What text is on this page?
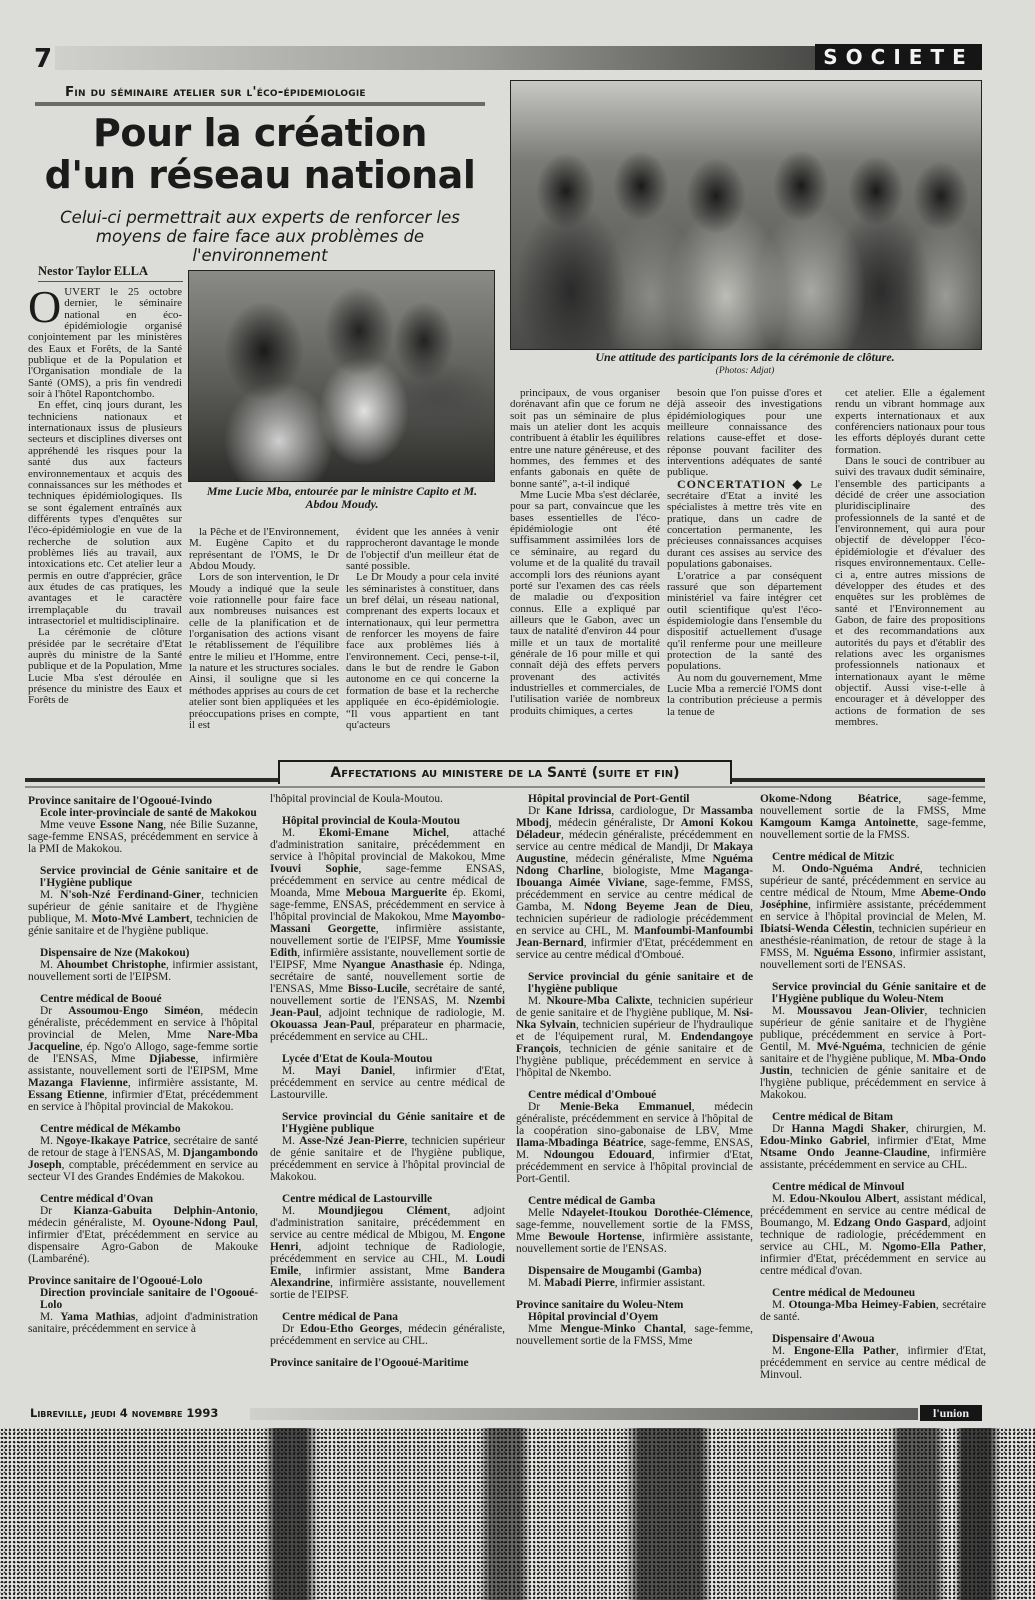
7	SOCIETE
Fin du séminaire atelier sur l'éco-épidemiologie
Pour la création
d'un réseau national
Celui-ci permettrait aux experts de renforcer les moyens de faire face aux problèmes de l'environnement
Nestor Taylor ELLA
Mme Lucie Mba, entourée par le ministre Capito et M. Abdou Moudy.
Une attitude des participants lors de la cérémonie de clôture.
(Photos: Adjat)

OUVERT le 25 octobre dernier, le séminaire national en éco-épidémiologie organisé conjointement par les ministères des Eaux et Forêts, de la Santé publique et de la Population et l'Organisation mondiale de la Santé (OMS), a pris fin vendredi soir à l'hôtel Rapontchombo.

En effet, cinq jours durant, les techniciens nationaux et internationaux issus de plusieurs secteurs et disciplines diverses ont appréhendé les risques pour la santé dus aux facteurs environnementaux et acquis des connaissances sur les méthodes et techniques épidémiologiques. Ils se sont également entraînés aux différents types d'enquêtes sur l'éco-épidémiologie en vue de la recherche de solution aux problèmes liés au travail, aux intoxications etc. Cet atelier leur a permis en outre d'apprécier, grâce aux études de cas pratiques, les avantages et le caractère irremplaçable du travail intrasectoriel et multidisciplinaire.

La cérémonie de clôture présidée par le secrétaire d'Etat auprès du ministre de la Santé publique et de la Population, Mme Lucie Mba s'est déroulée en présence du ministre des Eaux et Forêts de

la Pêche et de l'Environnement, M. Eugène Capito et du représentant de l'OMS, le Dr Abdou Moudy.

Lors de son intervention, le Dr Moudy a indiqué que la seule voie rationnelle pour faire face aux nombreuses nuisances est celle de la planification et de l'organisation des actions visant le rétablissement de l'équilibre entre le milieu et l'Homme, entre la nature et les structures sociales. Ainsi, il souligne que si les méthodes apprises au cours de cet atelier sont bien appliquées et les préoccupations prises en compte, il est

évident que les années à venir rapprocheront davantage le monde de l'objectif d'un meilleur état de santé possible.

Le Dr Moudy a pour cela invité les séminaristes à constituer, dans un bref délai, un réseau national, comprenant des experts locaux et internationaux, qui leur permettra de renforcer les moyens de faire face aux problèmes liés à l'environnement. Ceci, pense-t-il, dans le but de rendre le Gabon autonome en ce qui concerne la formation de base et la recherche appliquée en éco-épidémiologie. “Il vous appartient en tant qu'acteurs

principaux, de vous organiser dorénavant afin que ce forum ne soit pas un séminaire de plus mais un atelier dont les acquis contribuent à établir les équilibres entre une nature généreuse, et des hommes, des femmes et des enfants gabonais en quête de bonne santé”, a-t-il indiqué

Mme Lucie Mba s'est déclarée, pour sa part, convaincue que les bases essentielles de l'éco-épidémiologie ont été suffisamment assimilées lors de ce séminaire, au regard du volume et de la qualité du travail accompli lors des réunions ayant porté sur l'examen des cas réels de maladie ou d'exposition connus. Elle a expliqué par ailleurs que le Gabon, avec un taux de natalité d'environ 44 pour mille et un taux de mortalité générale de 16 pour mille et qui connaît déjà des effets pervers provenant des activités industrielles et commerciales, de l'utilisation variée de nombreux produits chimiques, a certes

besoin que l'on puisse d'ores et déjà asseoir des investigations épidémiologiques pour une meilleure connaissance des relations cause-effet et dose-réponse pouvant faciliter des interventions adéquates de santé publique.

CONCERTATION ◆ Le secrétaire d'Etat a invité les spécialistes à mettre très vite en pratique, dans un cadre de concertation permanente, les précieuses connaissances acquises durant ces assises au service des populations gabonaises.

L'oratrice a par conséquent rassuré que son département ministériel va faire intégrer cet outil scientifique qu'est l'éco-éspidemiologie dans l'ensemble du dispositif actuellement d'usage qu'il renferme pour une meilleure protection de la santé des populations.

Au nom du gouvernement, Mme Lucie Mba a remercié l'OMS dont la contribution précieuse a permis la tenue de

cet atelier. Elle a également rendu un vibrant hommage aux experts internationaux et aux conférenciers nationaux pour tous les efforts déployés durant cette formation.

Dans le souci de contribuer au suivi des travaux dudit séminaire, l'ensemble des participants a décidé de créer une association pluridisciplinaire des professionnels de la santé et de l'environnement, qui aura pour objectif de développer l'éco-épidémiologie et d'évaluer des risques environnementaux. Celle-ci a, entre autres missions de développer des études et des enquêtes sur les problèmes de santé et l'Environnement au Gabon, de faire des propositions et des recommandations aux autorités du pays et d'établir des relations avec les organismes professionnels nationaux et internationaux ayant le même objectif. Aussi vise-t-elle à encourager et à développer des actions de formation de ses membres.

Affectations au ministere de la Santé (suite et fin)
Province sanitaire de l'Ogooué-Ivindo
Ecole inter-provinciale de santé de Makokou
Mme veuve Essone Nang, née Bilie Suzanne, sage-femme ENSAS, précédemment en service à la PMI de Makokou.
Service provincial de Génie sanitaire et de l'Hygiène publique
M. N'soh-Nzé Ferdinand-Giner, technicien supérieur de génie sanitaire et de l'hygiène publique, M. Moto-Mvé Lambert, technicien de génie sanitaire et de l'hygiène publique.
Dispensaire de Nze (Makokou)
M. Ahoumbet Christophe, infirmier assistant, nouvellement sorti de l'EIPSM.
Centre médical de Booué
Dr Assoumou-Engo Siméon, médecin généraliste, précédemment en service à l'hôpital provincial de Melen, Mme Nare-Mba Jacqueline, ép. Ngo'o Allogo, sage-femme sortie de l'ENSAS, Mme Djiabesse, infirmière assistante, nouvellement sorti de l'EIPSM, Mme Mazanga Flavienne, infirmière assistante, M. Essang Etienne, infirmier d'Etat, précédemment en service à l'hôpital provincial de Makokou.
Centre médical de Mékambo
M. Ngoye-Ikakaye Patrice, secrétaire de santé de retour de stage à l'ENSAS, M. Djangambondo Joseph, comptable, précédemment en service au secteur VI des Grandes Endémies de Makokou.
Centre médical d'Ovan
Dr Kianza-Gabuita Delphin-Antonio, médecin généraliste, M. Oyoune-Ndong Paul, infirmier d'Etat, précédemment en service au dispensaire Agro-Gabon de Makouke (Lambaréné).
Province sanitaire de l'Ogooué-Lolo
Direction provinciale sanitaire de l'Ogooué-Lolo
M. Yama Mathias, adjoint d'administration sanitaire, précédemment en service à
l'hôpital provincial de Koula-Moutou.
Hôpital provincial de Koula-Moutou
M. Ekomi-Emane Michel, attaché d'administration sanitaire, précédemment en service à l'hôpital provincial de Makokou, Mme Ivouvi Sophie, sage-femme ENSAS, précédemment en service au centre médical de Moanda, Mme Meboua Marguerite ép. Ekomi, sage-femme, ENSAS, précédemment en service à l'hôpital provincial de Makokou, Mme Mayombo-Massani Georgette, infirmière assistante, nouvellement sortie de l'EIPSF, Mme Youmissie Edith, infirmière assistante, nouvellement sortie de l'EIPSF, Mme Nyangue Anasthasie ép. Ndinga, secrétaire de santé, nouvellement sortie de l'ENSAS, Mme Bisso-Lucile, secrétaire de santé, nouvellement sortie de l'ENSAS, M. Nzembi Jean-Paul, adjoint technique de radiologie, M. Okouassa Jean-Paul, préparateur en pharmacie, précédemment en service au CHL.
Lycée d'Etat de Koula-Moutou
M. Mayi Daniel, infirmier d'Etat, précédemment en service au centre médical de Lastourville.
Service provincial du Génie sanitaire et de l'Hygiène publique
M. Asse-Nzé Jean-Pierre, technicien supérieur de génie sanitaire et de l'hygiène publique, précédemment en service à l'hôpital provincial de Makokou.
Centre médical de Lastourville
M. Moundjiegou Clément, adjoint d'administration sanitaire, précédemment en service au centre médical de Mbigou, M. Engone Henri, adjoint technique de Radiologie, précédemment en service au CHL, M. Loudi Emile, infirmier assistant, Mme Bandera Alexandrine, infirmière assistante, nouvellement sortie de l'EIPSF.
Centre médical de Pana
Dr Edou-Etho Georges, médecin généraliste, précédemment en service au CHL.
Province sanitaire de l'Ogooué-Maritime
Hôpital provincial de Port-Gentil
Dr Kane Idrissa, cardiologue, Dr Massamba Mbodj, médecin généraliste, Dr Amoni Kokou Déladeur, médecin généraliste, précédemment en service au centre médical de Mandji, Dr Makaya Augustine, médecin généraliste, Mme Nguéma Ndong Charline, biologiste, Mme Maganga-Ibouanga Aimée Viviane, sage-femme, FMSS, précédemment en service au centre médical de Gamba, M. Ndong Beyeme Jean de Dieu, technicien supérieur de radiologie précédemment en service au CHL, M. Manfoumbi-Manfoumbi Jean-Bernard, infirmier d'Etat, précédemment en service au centre médical d'Omboué.
Service provincial du génie sanitaire et de l'hygiène publique
M. Nkoure-Mba Calixte, technicien supérieur de genie sanitaire et de l'hygiène publique, M. Nsi-Nka Sylvain, technicien supérieur de l'hydraulique et de l'équipement rural, M. Endendangoye François, technicien de génie sanitaire et de l'hygiène publique, précédemment en service à l'hôpital de Nkembo.
Centre médical d'Omboué
Dr Menie-Beka Emmanuel, médecin généraliste, précédemment en service à l'hôpital de la coopération sino-gabonaise de LBV, Mme Ilama-Mbadinga Béatrice, sage-femme, ENSAS, M. Ndoungou Edouard, infirmier d'Etat, précédemment en service à l'hôpital provincial de Port-Gentil.
Centre médical de Gamba
Melle Ndayelet-Itoukou Dorothée-Clémence, sage-femme, nouvellement sortie de la FMSS, Mme Bewoule Hortense, infirmière assistante, nouvellement sortie de l'ENSAS.
Dispensaire de Mougambi (Gamba)
M. Mabadi Pierre, infirmier assistant.
Province sanitaire du Woleu-Ntem
Hôpital provincial d'Oyem
Mme Mengue-Minko Chantal, sage-femme, nouvellement sortie de la FMSS, Mme
Okome-Ndong Béatrice, sage-femme, nouvellement sortie de la FMSS, Mme Kamgoum Kamga Antoinette, sage-femme, nouvellement sortie de la FMSS.
Centre médical de Mitzic
M. Ondo-Nguéma André, technicien supérieur de santé, précédemment en service au centre médical de Ntoum, Mme Abeme-Ondo Joséphine, infirmière assistante, précédemment en service à l'hôpital provincial de Melen, M. Ibiatsi-Wenda Célestin, technicien supérieur en anesthésie-réanimation, de retour de stage à la FMSS, M. Nguéma Essono, infirmier assistant, nouvellement sorti de l'ENSAS.
Service provincial du Génie sanitaire et de l'Hygiène publique du Woleu-Ntem
M. Moussavou Jean-Olivier, technicien supérieur de génie sanitaire et de l'hygiène publique, précédemment en service à Port-Gentil, M. Mvé-Nguéma, technicien de génie sanitaire et de l'hygiène publique, M. Mba-Ondo Justin, technicien de génie sanitaire et de l'hygiène publique, précédemment en service à Makokou.
Centre médical de Bitam
Dr Hanna Magdi Shaker, chirurgien, M. Edou-Minko Gabriel, infirmier d'Etat, Mme Ntsame Ondo Jeanne-Claudine, infirmière assistante, précédemment en service au CHL.
Centre médical de Minvoul
M. Edou-Nkoulou Albert, assistant médical, précédemment en service au centre médical de Boumango, M. Edzang Ondo Gaspard, adjoint technique de radiologie, précédemment en service au CHL, M. Ngomo-Ella Pather, infirmier d'Etat, précédemment en service au centre médical d'ovan.
Centre médical de Medouneu
M. Otounga-Mba Heimey-Fabien, secrétaire de santé.
Dispensaire d'Awoua
M. Engone-Ella Pather, infirmier d'Etat, précédemment en service au centre médical de Minvoul.
Libreville, jeudi 4 novembre 1993	l'union
